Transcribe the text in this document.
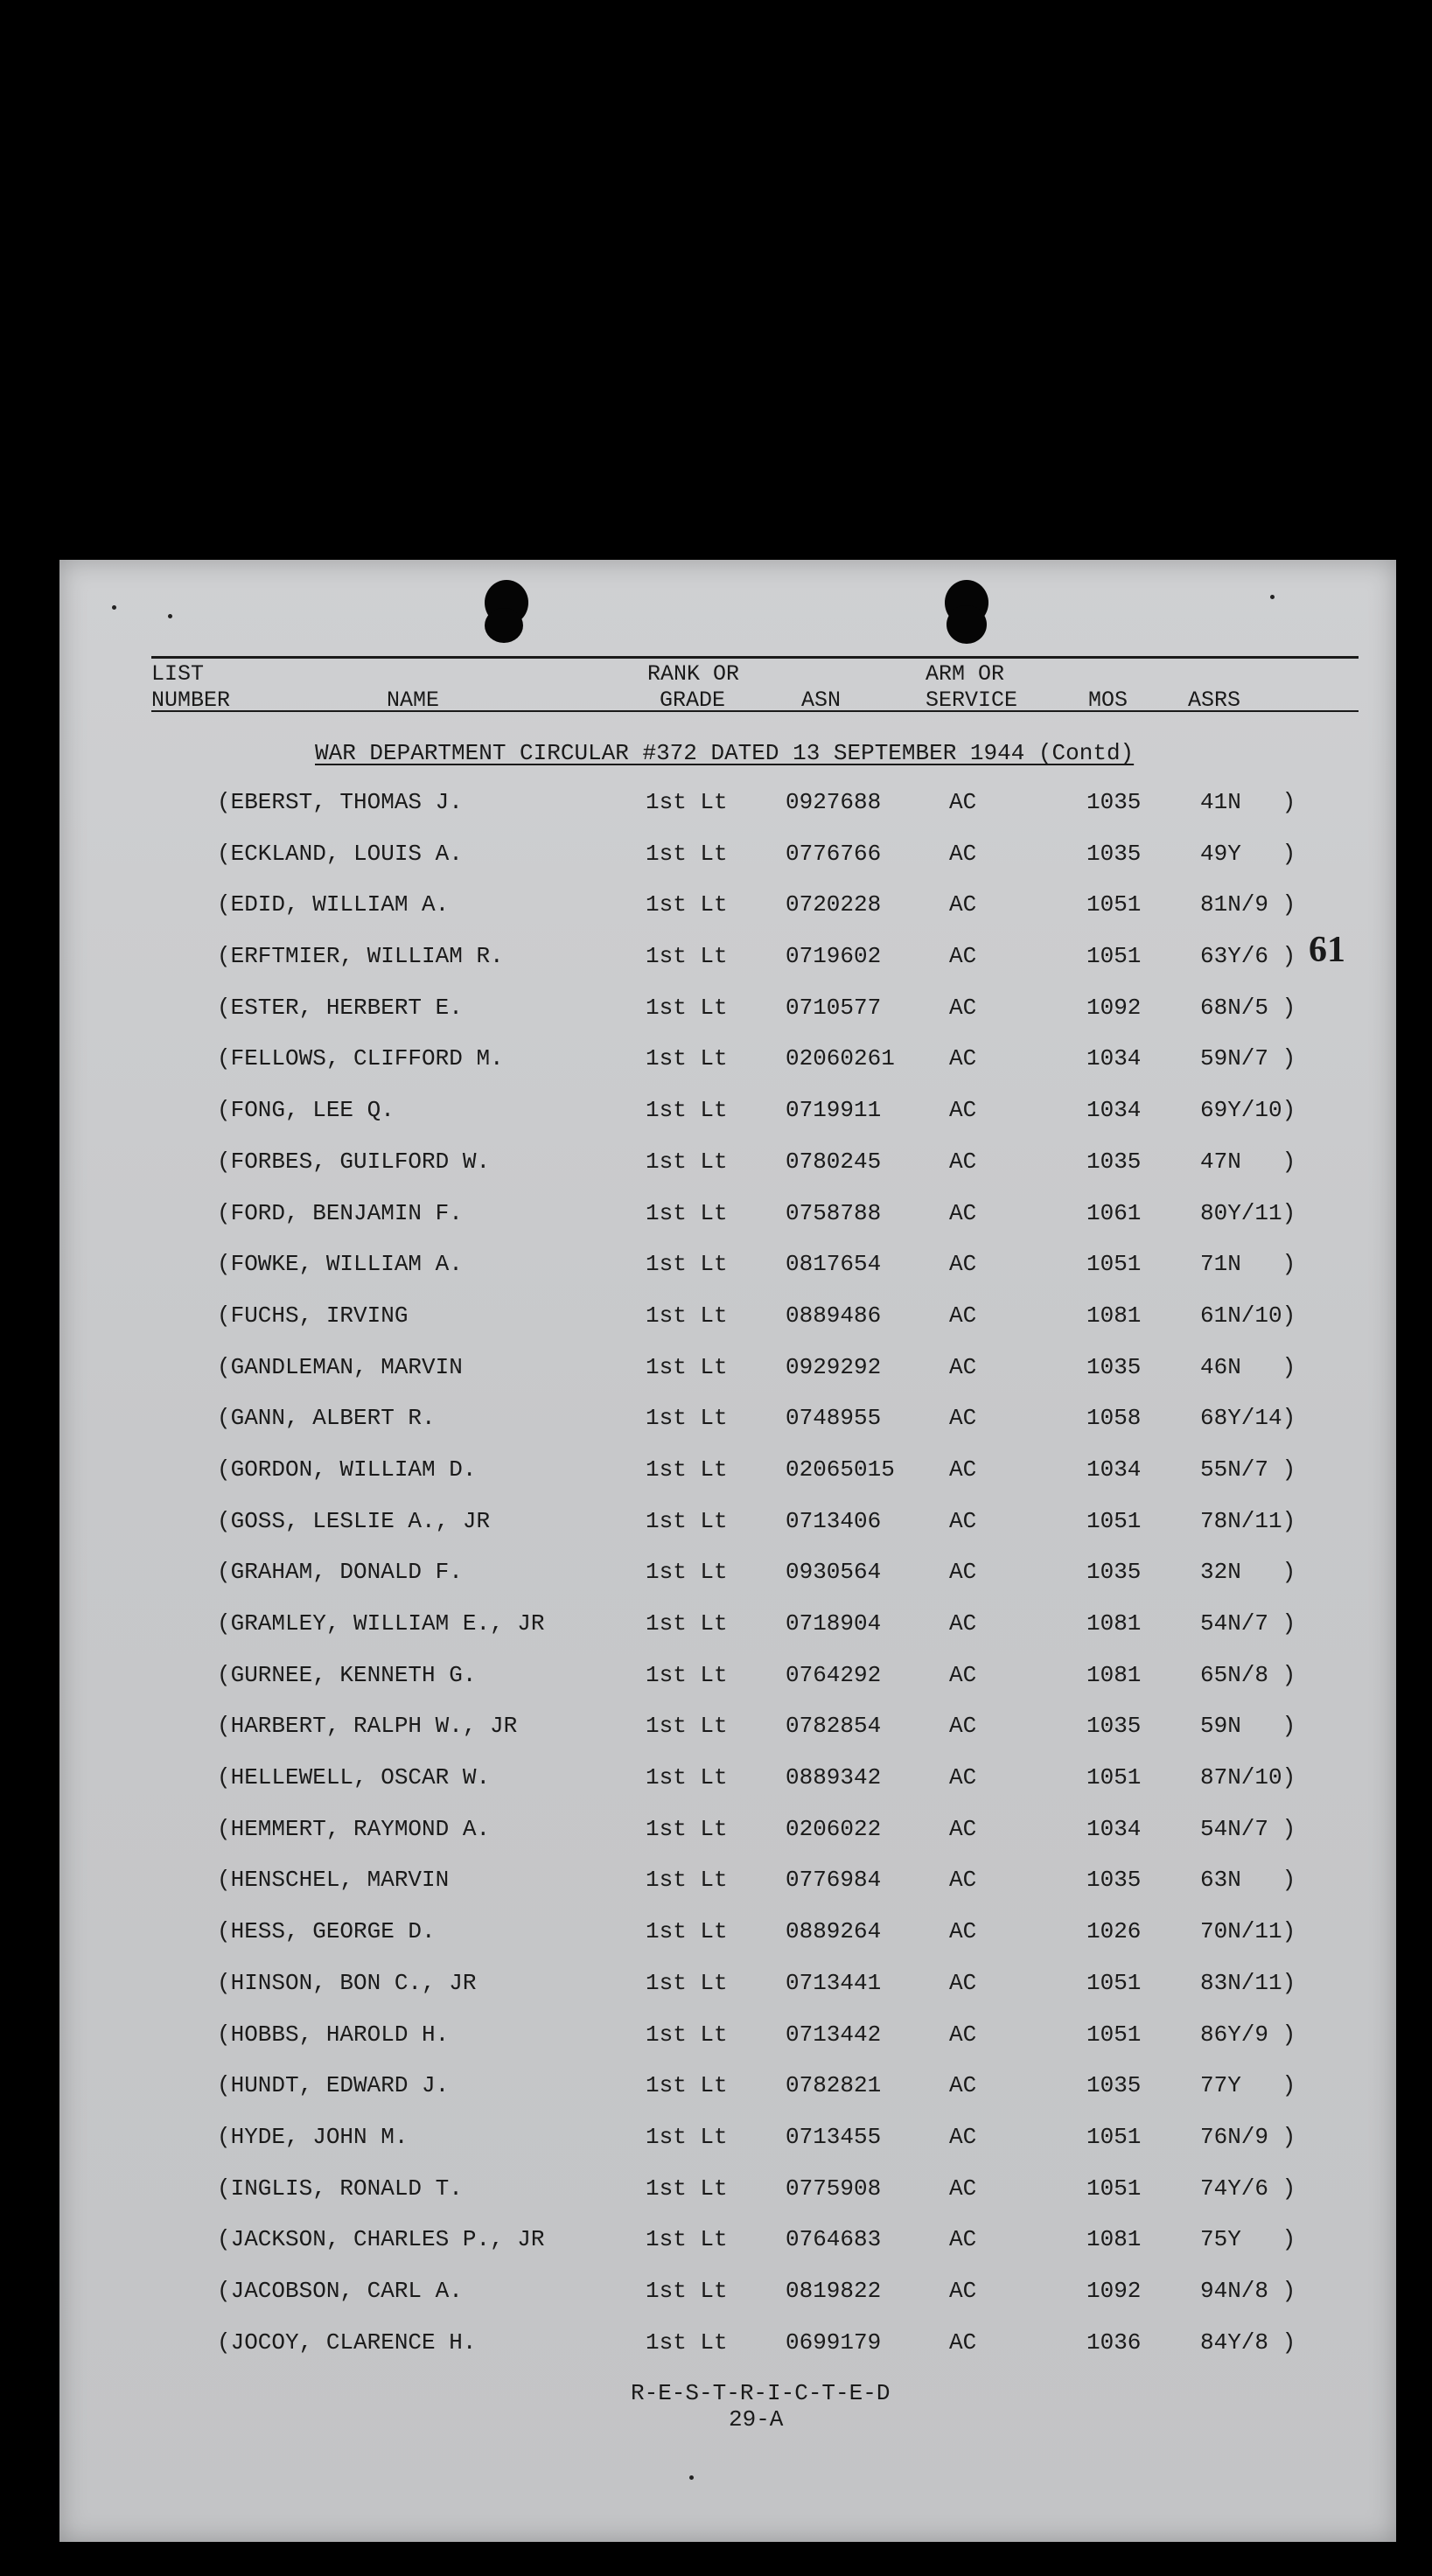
LIST
NUMBER	NAME
RANK OR
GRADE	ASN
ARM OR
SERVICE	MOS	ASRS
WAR DEPARTMENT CIRCULAR #372 DATED 13 SEPTEMBER 1944 (Contd)
61
(EBERST, THOMAS J.	1st Lt	0927688	AC	1035	41N   )
(ECKLAND, LOUIS A.	1st Lt	0776766	AC	1035	49Y   )
(EDID, WILLIAM A.	1st Lt	0720228	AC	1051	81N/9 )
(ERFTMIER, WILLIAM R.	1st Lt	0719602	AC	1051	63Y/6 )
(ESTER, HERBERT E.	1st Lt	0710577	AC	1092	68N/5 )
(FELLOWS, CLIFFORD M.	1st Lt	02060261 AC	1034	59N/7 )
(FONG, LEE Q.	1st Lt	0719911	AC	1034	69Y/10)
(FORBES, GUILFORD W.	1st Lt	0780245	AC	1035	47N   )
(FORD, BENJAMIN F.	1st Lt	0758788	AC	1061	80Y/11)
(FOWKE, WILLIAM A.	1st Lt	0817654	AC	1051	71N   )
(FUCHS, IRVING	1st Lt	0889486	AC	1081	61N/10)
(GANDLEMAN, MARVIN	1st Lt	0929292	AC	1035	46N   )
(GANN, ALBERT R.	1st Lt	0748955	AC	1058	68Y/14)
(GORDON, WILLIAM D.	1st Lt	02065015 AC	1034	55N/7 )
(GOSS, LESLIE A., JR	1st Lt	0713406	AC	1051	78N/11)
(GRAHAM, DONALD F.	1st Lt	0930564	AC	1035	32N   )
(GRAMLEY, WILLIAM E., JR	1st Lt	0718904	AC	1081	54N/7 )
(GURNEE, KENNETH G.	1st Lt	0764292	AC	1081	65N/8 )
(HARBERT, RALPH W., JR	1st Lt	0782854	AC	1035	59N   )
(HELLEWELL, OSCAR W.	1st Lt	0889342	AC	1051	87N/10)
(HEMMERT, RAYMOND A.	1st Lt	0206022	AC	1034	54N/7 )
(HENSCHEL, MARVIN	1st Lt	0776984	AC	1035	63N   )
(HESS, GEORGE D.	1st Lt	0889264	AC	1026	70N/11)
(HINSON, BON C., JR	1st Lt	0713441	AC	1051	83N/11)
(HOBBS, HAROLD H.	1st Lt	0713442	AC	1051	86Y/9 )
(HUNDT, EDWARD J.	1st Lt	0782821	AC	1035	77Y   )
(HYDE, JOHN M.	1st Lt	0713455	AC	1051	76N/9 )
(INGLIS, RONALD T.	1st Lt	0775908	AC	1051	74Y/6 )
(JACKSON, CHARLES P., JR	1st Lt	0764683	AC	1081	75Y   )
(JACOBSON, CARL A.	1st Lt	0819822	AC	1092	94N/8 )
(JOCOY, CLARENCE H.	1st Lt	0699179	AC	1036	84Y/8 )
R-E-S-T-R-I-C-T-E-D
29-A
